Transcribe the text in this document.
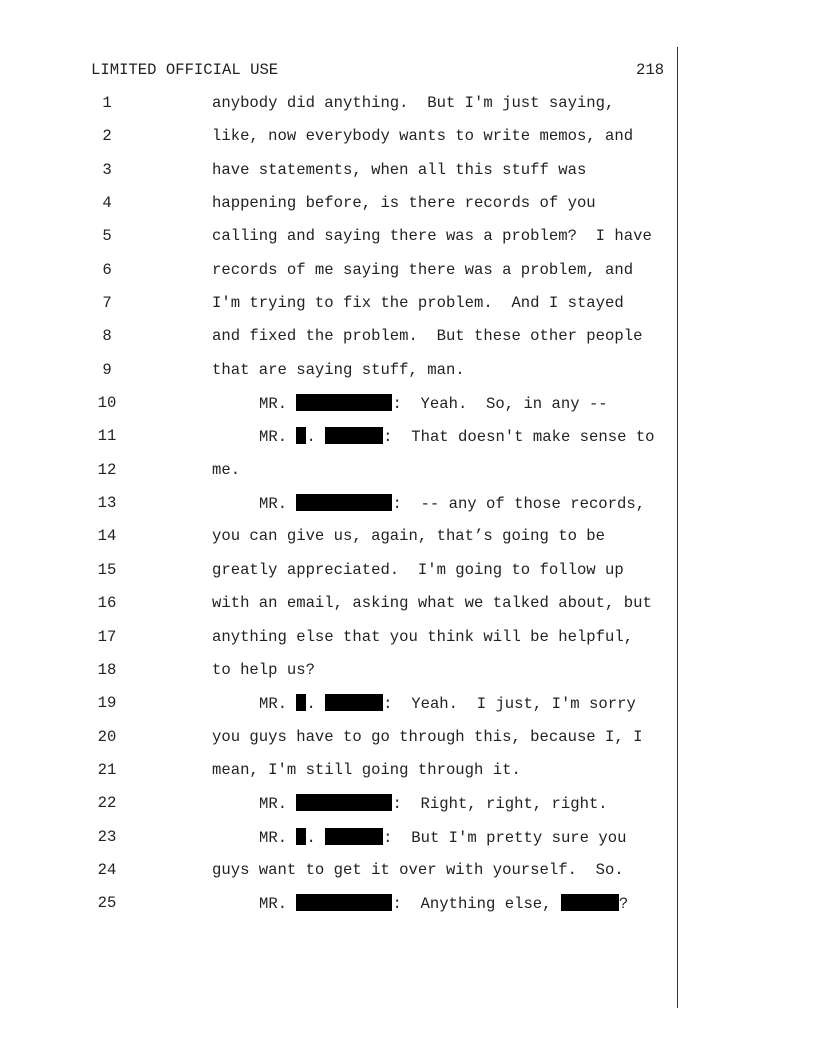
LIMITED OFFICIAL USE	218
1	anybody did anything.  But I'm just saying,
2	like, now everybody wants to write memos, and
3	have statements, when all this stuff was
4	happening before, is there records of you
5	calling and saying there was a problem?  I have
6	records of me saying there was a problem, and
7	I'm trying to fix the problem.  And I stayed
8	and fixed the problem.  But these other people
9	that are saying stuff, man.
10	MR.	:  Yeah.  So, in any --
11	MR. .	:  That doesn't make sense to
12	me.
13	MR.	:  -- any of those records,
14	you can give us, again, that’s going to be
15	greatly appreciated.  I'm going to follow up
16	with an email, asking what we talked about, but
17	anything else that you think will be helpful,
18	to help us?
19	MR. .	:  Yeah.  I just, I'm sorry
20	you guys have to go through this, because I, I
21	mean, I'm still going through it.
22	MR.	:  Right, right, right.
23	MR. .	:  But I'm pretty sure you
24	guys want to get it over with yourself.  So.
25	MR.	:  Anything else,	?
